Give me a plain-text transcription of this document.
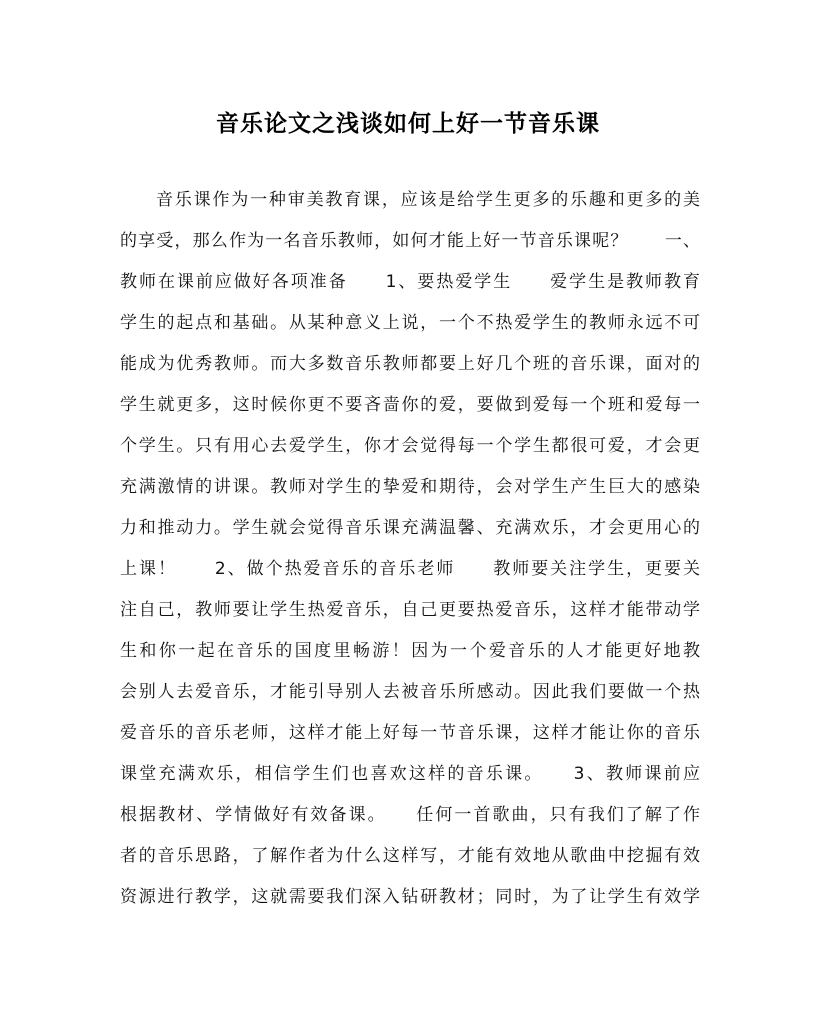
音乐论文之浅谈如何上好一节音乐课
音乐课作为一种审美教育课，应该是给学生更多的乐趣和更多的美
的享受，那么作为一名音乐教师，如何才能上好一节音乐课呢？　　一、
教师在课前应做好各项准备　　1、要热爱学生　　爱学生是教师教育
学生的起点和基础。从某种意义上说，一个不热爱学生的教师永远不可
能成为优秀教师。而大多数音乐教师都要上好几个班的音乐课，面对的
学生就更多，这时候你更不要吝啬你的爱，要做到爱每一个班和爱每一
个学生。只有用心去爱学生，你才会觉得每一个学生都很可爱，才会更
充满激情的讲课。教师对学生的挚爱和期待，会对学生产生巨大的感染
力和推动力。学生就会觉得音乐课充满温馨、充满欢乐，才会更用心的
上课！　　2、做个热爱音乐的音乐老师　　教师要关注学生，更要关
注自己，教师要让学生热爱音乐，自己更要热爱音乐，这样才能带动学
生和你一起在音乐的国度里畅游！因为一个爱音乐的人才能更好地教
会别人去爱音乐，才能引导别人去被音乐所感动。因此我们要做一个热
爱音乐的音乐老师，这样才能上好每一节音乐课，这样才能让你的音乐
课堂充满欢乐，相信学生们也喜欢这样的音乐课。　　3、教师课前应
根据教材、学情做好有效备课。　　任何一首歌曲，只有我们了解了作
者的音乐思路，了解作者为什么这样写，才能有效地从歌曲中挖掘有效
资源进行教学，这就需要我们深入钻研教材；同时，为了让学生有效学
